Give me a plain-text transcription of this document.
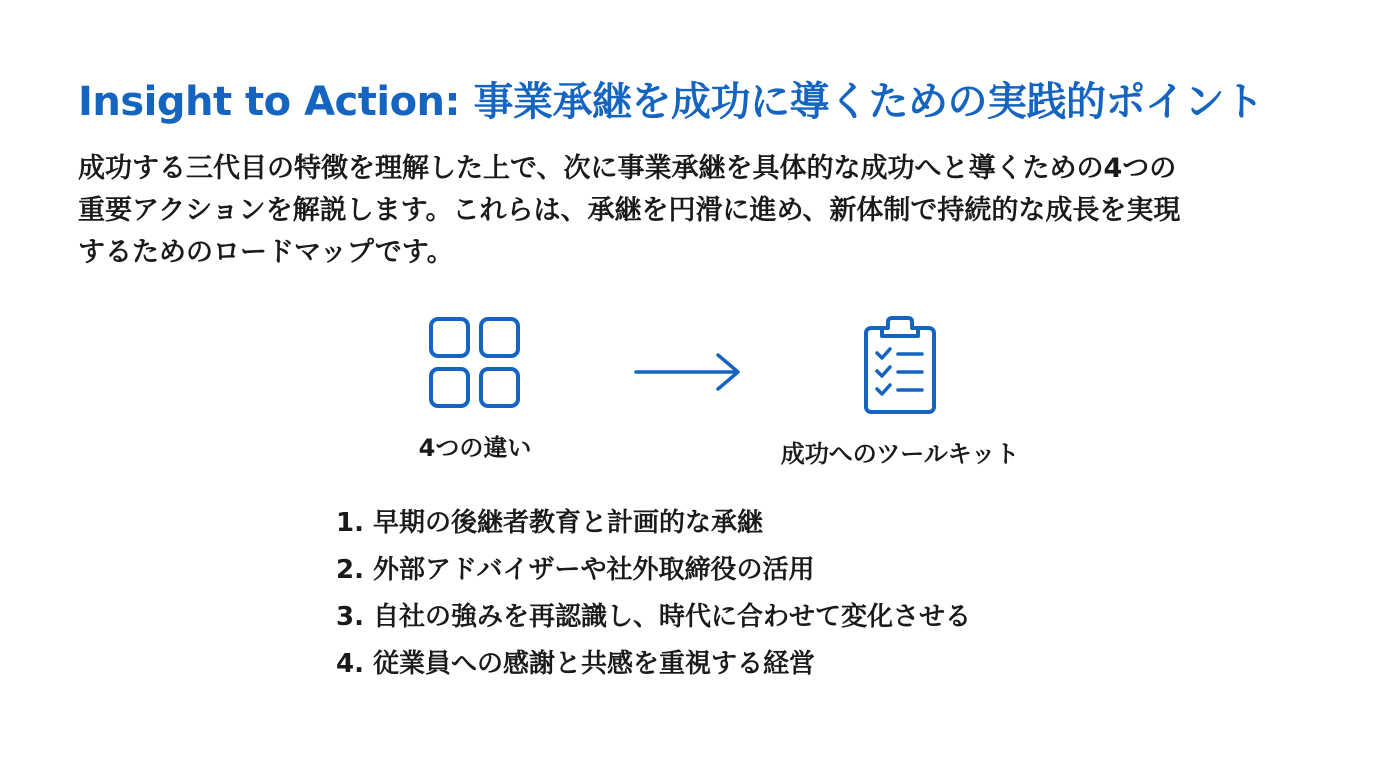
Insight to Action: 事業承継を成功に導くための実践的ポイント

成功する三代目の特徴を理解した上で、次に事業承継を具体的な成功へと導くための4つの
重要アクションを解説します。これらは、承継を円滑に進め、新体制で持続的な成長を実現
するためのロードマップです。

4つの違い	成功へのツールキット
1. 早期の後継者教育と計画的な承継
2. 外部アドバイザーや社外取締役の活用
3. 自社の強みを再認識し、時代に合わせて変化させる
4. 従業員への感謝と共感を重視する経営
